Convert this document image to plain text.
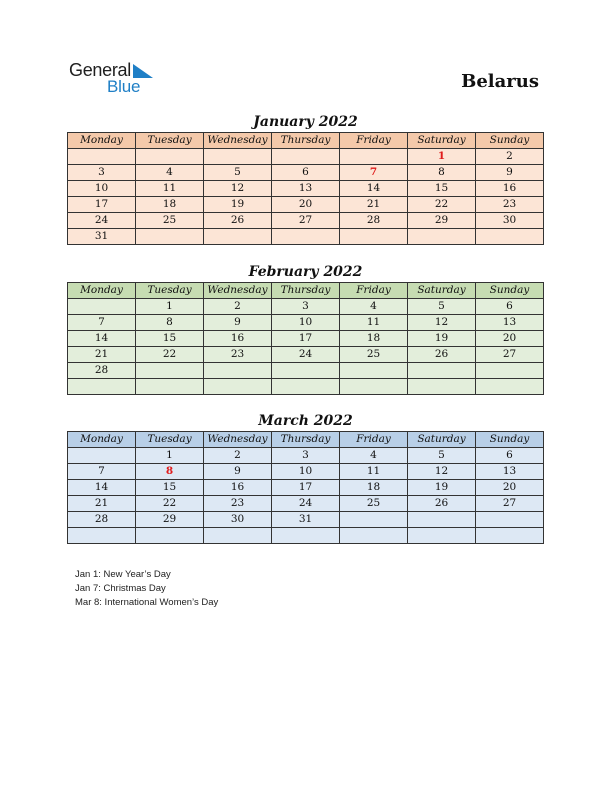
General
Blue	Belarus
January 2022
Monday	Tuesday	Wednesday	Thursday	Friday	Saturday	Sunday
					1	2
3	4	5	6	7	8	9
10	11	12	13	14	15	16
17	18	19	20	21	22	23
24	25	26	27	28	29	30
31						
February 2022
Monday	Tuesday	Wednesday	Thursday	Friday	Saturday	Sunday
	1	2	3	4	5	6
7	8	9	10	11	12	13
14	15	16	17	18	19	20
21	22	23	24	25	26	27
28						

March 2022
Monday	Tuesday	Wednesday	Thursday	Friday	Saturday	Sunday
	1	2	3	4	5	6
7	8	9	10	11	12	13
14	15	16	17	18	19	20
21	22	23	24	25	26	27
28	29	30	31			

Jan 1: New Year’s Day
Jan 7: Christmas Day
Mar 8: International Women’s Day
